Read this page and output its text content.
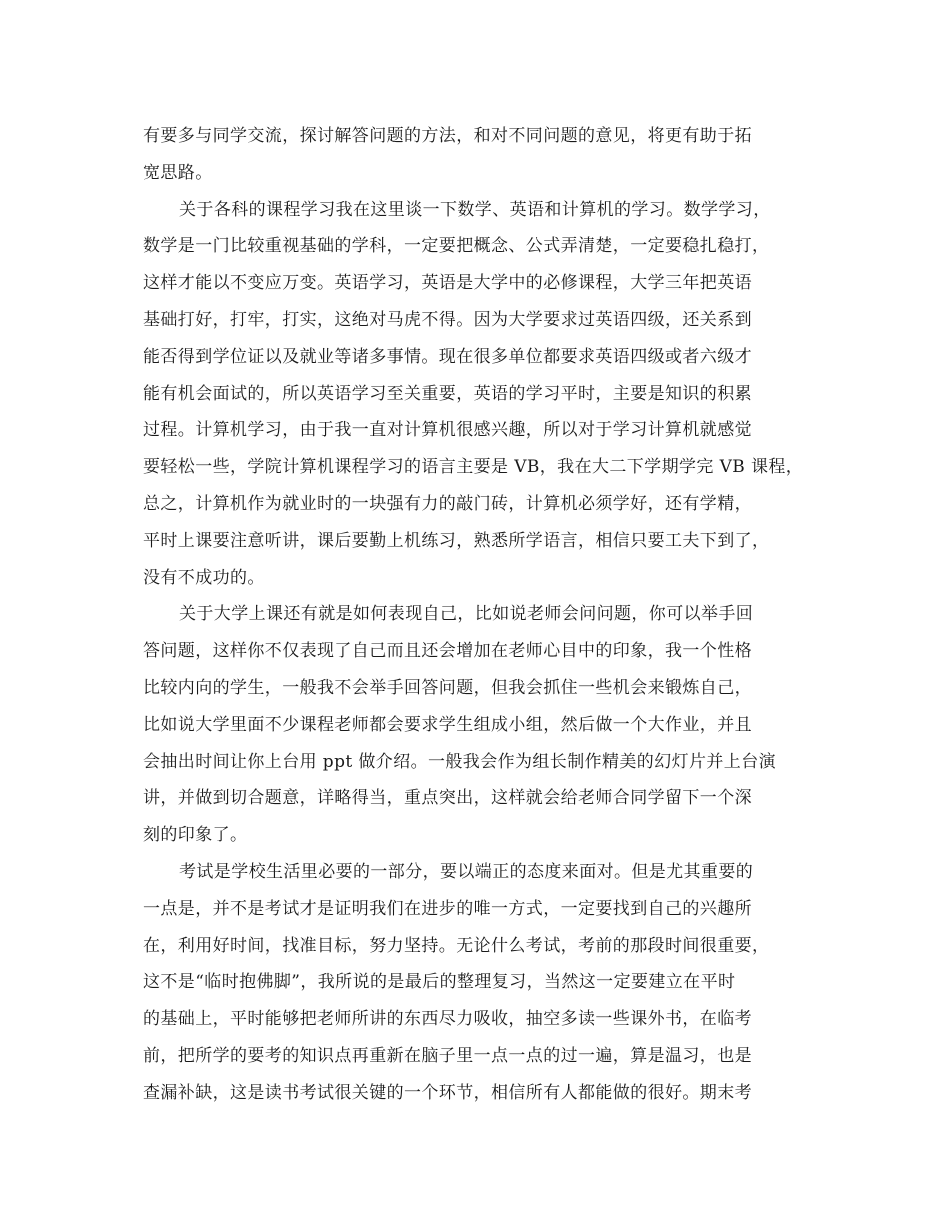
有要多与同学交流，探讨解答问题的方法，和对不同问题的意见，将更有助于拓
宽思路。
关于各科的课程学习我在这里谈一下数学、英语和计算机的学习。数学学习，
数学是一门比较重视基础的学科，一定要把概念、公式弄清楚，一定要稳扎稳打，
这样才能以不变应万变。英语学习，英语是大学中的必修课程，大学三年把英语
基础打好，打牢，打实，这绝对马虎不得。因为大学要求过英语四级，还关系到
能否得到学位证以及就业等诸多事情。现在很多单位都要求英语四级或者六级才
能有机会面试的，所以英语学习至关重要，英语的学习平时，主要是知识的积累
过程。计算机学习，由于我一直对计算机很感兴趣，所以对于学习计算机就感觉
要轻松一些，学院计算机课程学习的语言主要是 VB，我在大二下学期学完 VB 课程，
总之，计算机作为就业时的一块强有力的敲门砖，计算机必须学好，还有学精，
平时上课要注意听讲，课后要勤上机练习，熟悉所学语言，相信只要工夫下到了，
没有不成功的。
关于大学上课还有就是如何表现自己，比如说老师会问问题，你可以举手回
答问题，这样你不仅表现了自己而且还会增加在老师心目中的印象，我一个性格
比较内向的学生，一般我不会举手回答问题，但我会抓住一些机会来锻炼自己，
比如说大学里面不少课程老师都会要求学生组成小组，然后做一个大作业，并且
会抽出时间让你上台用 ppt 做介绍。一般我会作为组长制作精美的幻灯片并上台演
讲，并做到切合题意，详略得当，重点突出，这样就会给老师合同学留下一个深
刻的印象了。
考试是学校生活里必要的一部分，要以端正的态度来面对。但是尤其重要的
一点是，并不是考试才是证明我们在进步的唯一方式，一定要找到自己的兴趣所
在，利用好时间，找准目标，努力坚持。无论什么考试，考前的那段时间很重要，
这不是“临时抱佛脚”，我所说的是最后的整理复习，当然这一定要建立在平时
的基础上，平时能够把老师所讲的东西尽力吸收，抽空多读一些课外书，在临考
前，把所学的要考的知识点再重新在脑子里一点一点的过一遍，算是温习，也是
查漏补缺，这是读书考试很关键的一个环节，相信所有人都能做的很好。期末考
